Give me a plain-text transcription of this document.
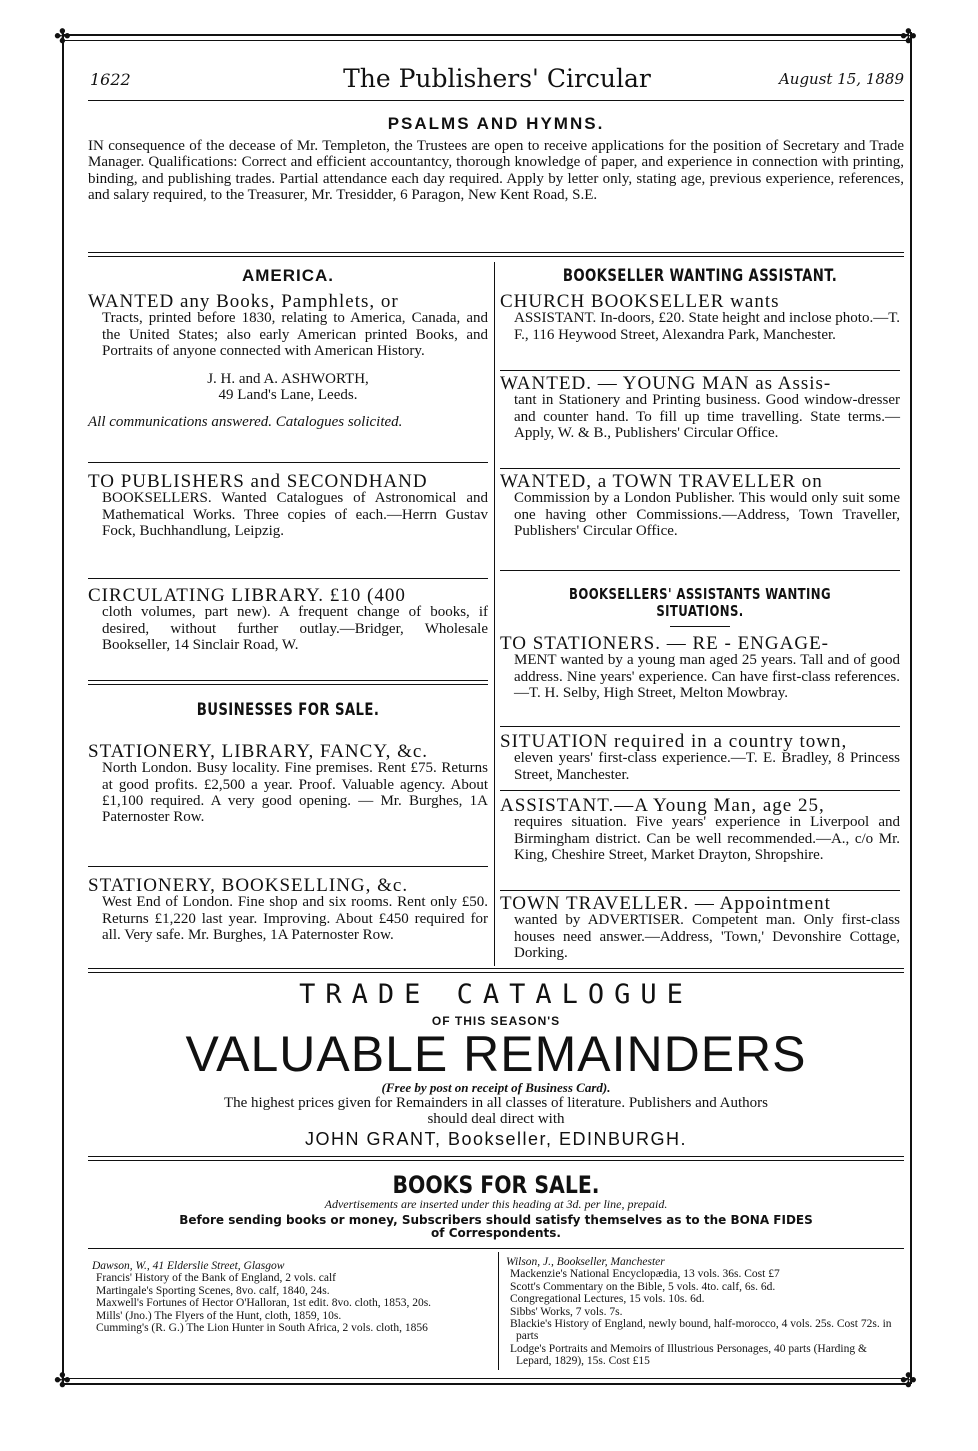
✤	✤
✤	✤
1622	The Publishers' Circular	August 15, 1889
PSALMS AND HYMNS.
IN consequence of the decease of Mr. Templeton, the Trustees are open to receive applications for the position of Secretary and Trade Manager. Qualifications: Correct and efficient accountantcy, thorough knowledge of paper, and experience in connection with printing, binding, and publishing trades. Partial attendance each day required. Apply by letter only, stating age, previous experience, references, and salary required, to the Treasurer, Mr. Tresidder, 6 Paragon, New Kent Road, S.E.
AMERICA.
WANTED any Books, Pamphlets, or
Tracts, printed before 1830, relating to America, Canada, and the United States; also early American printed Books, and Portraits of anyone connected with American History.
J. H. and A. ASHWORTH,
49 Land's Lane, Leeds.
All communications answered. Catalogues solicited.
TO PUBLISHERS and SECONDHAND
BOOKSELLERS. Wanted Catalogues of Astronomical and Mathematical Works. Three copies of each.—Herrn Gustav Fock, Buchhandlung, Leipzig.
CIRCULATING LIBRARY. £10 (400
cloth volumes, part new). A frequent change of books, if desired, without further outlay.—Bridger, Wholesale Bookseller, 14 Sinclair Road, W.
BUSINESSES FOR SALE.
STATIONERY, LIBRARY, FANCY, &c.
North London. Busy locality. Fine premises. Rent £75. Returns at good profits. £2,500 a year. Proof. Valuable agency. About £1,100 required. A very good opening. — Mr. Burghes, 1A Paternoster Row.
STATIONERY, BOOKSELLING, &c.
West End of London. Fine shop and six rooms. Rent only £50. Returns £1,220 last year. Improving. About £450 required for all. Very safe. Mr. Burghes, 1A Paternoster Row.
BOOKSELLER WANTING ASSISTANT.
CHURCH BOOKSELLER wants
ASSISTANT. In-doors, £20. State height and inclose photo.—T. F., 116 Heywood Street, Alexandra Park, Manchester.
WANTED. — YOUNG MAN as Assis-
tant in Stationery and Printing business. Good window-dresser and counter hand. To fill up time travelling. State terms.—Apply, W. & B., Publishers' Circular Office.
WANTED, a TOWN TRAVELLER on
Commission by a London Publisher. This would only suit some one having other Commissions.—Address, Town Traveller, Publishers' Circular Office.
BOOKSELLERS' ASSISTANTS WANTING
SITUATIONS.
TO STATIONERS. — RE - ENGAGE-
MENT wanted by a young man aged 25 years. Tall and of good address. Nine years' experience. Can have first-class references.—T. H. Selby, High Street, Melton Mowbray.
SITUATION required in a country town,
eleven years' first-class experience.—T. E. Bradley, 8 Princess Street, Manchester.
ASSISTANT.—A Young Man, age 25,
requires situation. Five years' experience in Liverpool and Birmingham district. Can be well recommended.—A., c/o Mr. King, Cheshire Street, Market Drayton, Shropshire.
TOWN TRAVELLER. — Appointment
wanted by ADVERTISER. Competent man. Only first-class houses need answer.—Address, 'Town,' Devonshire Cottage, Dorking.
TRADE CATALOGUE
OF THIS SEASON'S
VALUABLE REMAINDERS
(Free by post on receipt of Business Card).
The highest prices given for Remainders in all classes of literature. Publishers and Authors
should deal direct with
JOHN GRANT, Bookseller, EDINBURGH.
BOOKS FOR SALE.
Advertisements are inserted under this heading at 3d. per line, prepaid.
Before sending books or money, Subscribers should satisfy themselves as to the BONA FIDES
of Correspondents.
Dawson, W., 41 Elderslie Street, Glasgow
Francis' History of the Bank of England, 2 vols. calf
Martingale's Sporting Scenes, 8vo. calf, 1840, 24s.
Maxwell's Fortunes of Hector O'Halloran, 1st edit. 8vo. cloth, 1853, 20s.
Mills' (Jno.) The Flyers of the Hunt, cloth, 1859, 10s.
Cumming's (R. G.) The Lion Hunter in South Africa, 2 vols. cloth, 1856
Wilson, J., Bookseller, Manchester
Mackenzie's National Encyclopædia, 13 vols. 36s. Cost £7
Scott's Commentary on the Bible, 5 vols. 4to. calf, 6s. 6d.
Congregational Lectures, 15 vols. 10s. 6d.
Sibbs' Works, 7 vols. 7s.
Blackie's History of England, newly bound, half-morocco, 4 vols. 25s. Cost 72s. in parts
Lodge's Portraits and Memoirs of Illustrious Personages, 40 parts (Harding & Lepard, 1829), 15s. Cost £15
